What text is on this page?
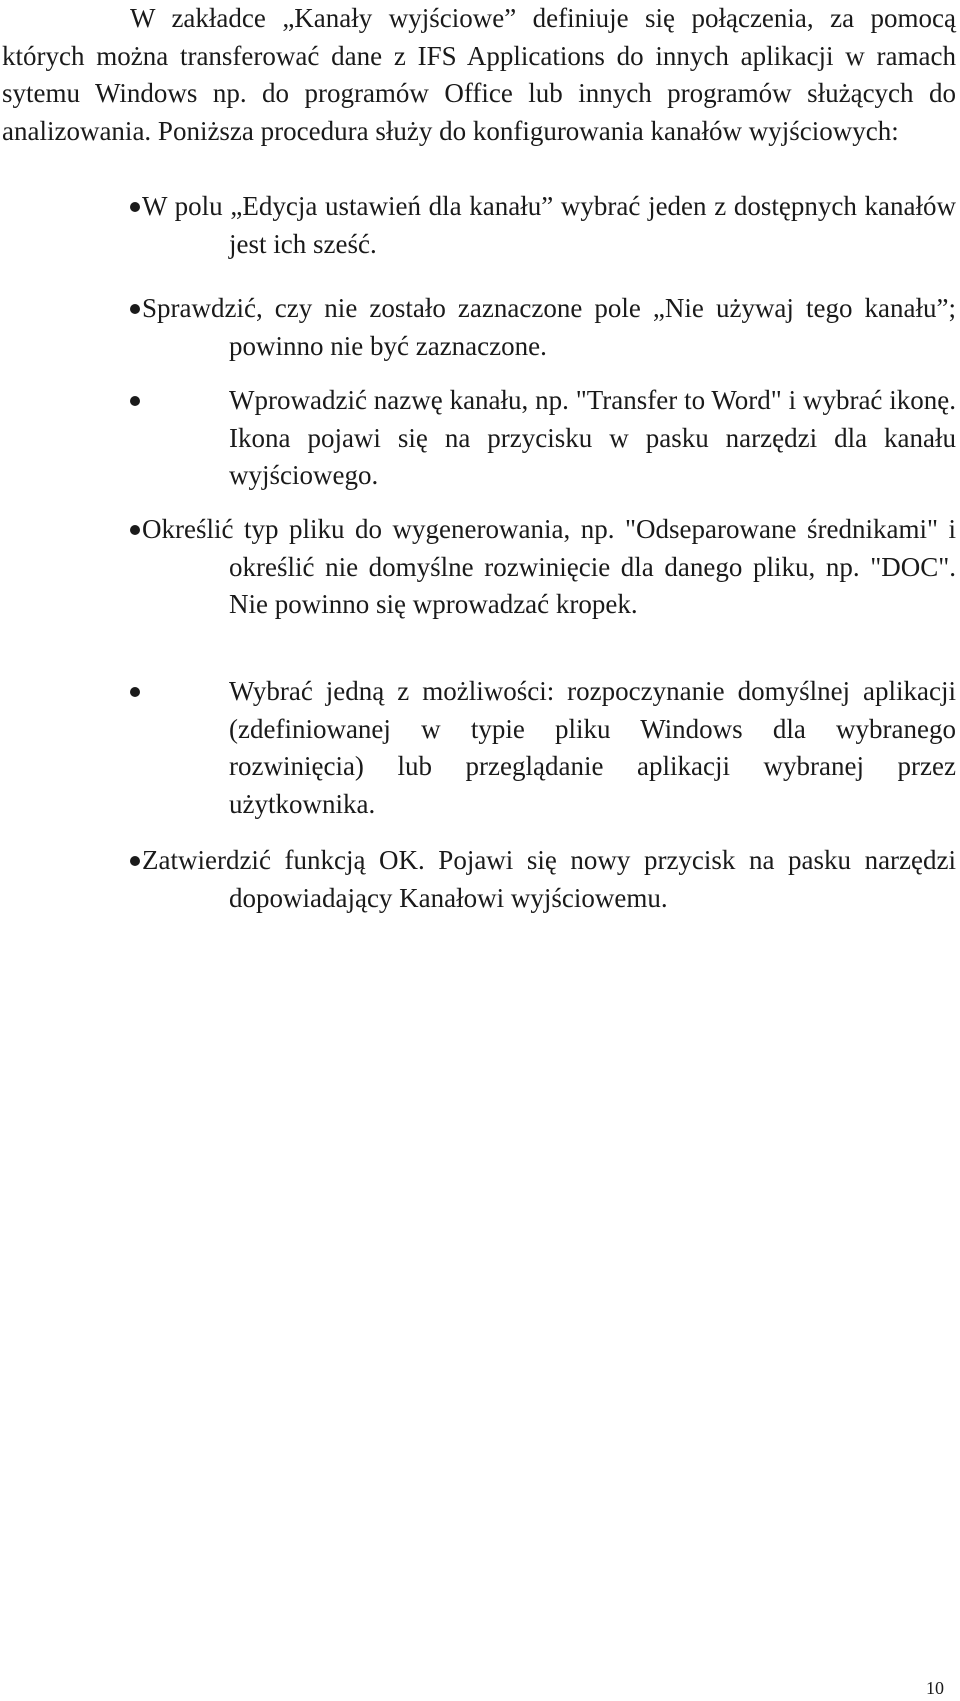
W zakładce „Kanały wyjściowe” definiuje się połączenia, za pomocą których można transferować dane z IFS Applications do innych aplikacji w ramach sytemu Windows np. do programów Office lub innych programów służących do analizowania. Poniższa procedura służy do konfigurowania kanałów wyjściowych:

W polu „Edycja ustawień dla kanału” wybrać jeden z dostępnych kanałów jest ich sześć.

Sprawdzić, czy nie zostało zaznaczone pole „Nie używaj tego kanału”; powinno nie być zaznaczone.

Wprowadzić nazwę kanału, np. "Transfer to Word" i wybrać ikonę. Ikona pojawi się na przycisku w pasku narzędzi dla kanału wyjściowego.

Określić typ pliku do wygenerowania, np. "Odseparowane średnikami" i określić nie domyślne rozwinięcie dla danego pliku, np. "DOC". Nie powinno się wprowadzać kropek.

Wybrać jedną z możliwości: rozpoczynanie domyślnej aplikacji (zdefiniowanej w typie pliku Windows dla wybranego rozwinięcia) lub przeglądanie aplikacji wybranej przez użytkownika.

Zatwierdzić funkcją OK. Pojawi się nowy przycisk na pasku narzędzi dopowiadający Kanałowi wyjściowemu.

10
